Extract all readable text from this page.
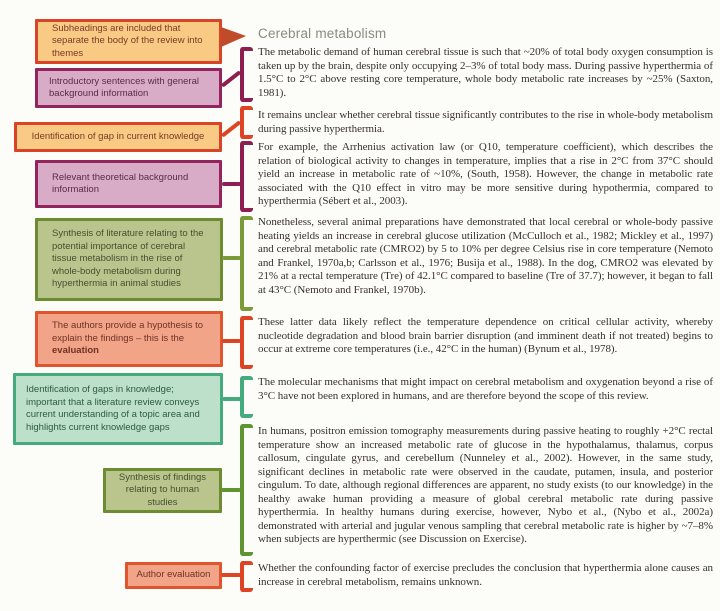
Subheadings are included that separate the body of the review into themes
Introductory sentences with general background information
Identification of gap in current knowledge
Relevant theoretical background information
Synthesis of literature relating to the potential importance of cerebral tissue metabolism in the rise of whole-body metabolism during hyperthermia in animal studies
The authors provide a hypothesis to explain the findings – this is the evaluation
Identification of gaps in knowledge; important that a literature review conveys current understanding of a topic area and highlights current knowledge gaps
Synthesis of findings relating to human studies
Author evaluation
Cerebral metabolism

The metabolic demand of human cerebral tissue is such that ~20% of total body oxygen consumption is taken up by the brain, despite only occupying 2–3% of total body mass. During passive hyperthermia of 1.5°C to 2°C above resting core temperature, whole body metabolic rate increases by ~25% (Saxton, 1981).

It remains unclear whether cerebral tissue significantly contributes to the rise in whole-body metabolism during passive hyperthermia.

For example, the Arrhenius activation law (or Q10, temperature coefficient), which describes the relation of biological activity to changes in temperature, implies that a rise in 2°C from 37°C should yield an increase in metabolic rate of ~10%, (South, 1958). However, the change in metabolic rate associated with the Q10 effect in vitro may be more sensitive during hypothermia, compared to hyperthermia (Sébert et al., 2003).

Nonetheless, several animal preparations have demonstrated that local cerebral or whole-body passive heating yields an increase in cerebral glucose utilization (McCulloch et al., 1982; Mickley et al., 1997) and cerebral metabolic rate (CMRO2) by 5 to 10% per degree Celsius rise in core temperature (Nemoto and Frankel, 1970a,b; Carlsson et al., 1976; Busija et al., 1988). In the dog, CMRO2 was elevated by 21% at a rectal temperature (Tre) of 42.1°C compared to baseline (Tre of 37.7); however, it began to fall at 43°C (Nemoto and Frankel, 1970b).

These latter data likely reflect the temperature dependence on critical cellular activity, whereby nucleotide degradation and blood brain barrier disruption (and imminent death if not treated) begins to occur at extreme core temperatures (i.e., 42°C in the human) (Bynum et al., 1978).

The molecular mechanisms that might impact on cerebral metabolism and oxygenation beyond a rise of 3°C have not been explored in humans, and are therefore beyond the scope of this review.

In humans, positron emission tomography measurements during passive heating to roughly +2°C rectal temperature show an increased metabolic rate of glucose in the hypothalamus, thalamus, corpus callosum, cingulate gyrus, and cerebellum (Nunneley et al., 2002). However, in the same study, significant declines in metabolic rate were observed in the caudate, putamen, insula, and posterior cingulum. To date, although regional differences are apparent, no study exists (to our knowledge) in the healthy awake human providing a measure of global cerebral metabolic rate during passive hyperthermia. In healthy humans during exercise, however, Nybo et al., (Nybo et al., 2002a) demonstrated with arterial and jugular venous sampling that cerebral metabolic rate is higher by ~7–8% when subjects are hyperthermic (see Discussion on Exercise).

Whether the confounding factor of exercise precludes the conclusion that hyperthermia alone causes an increase in cerebral metabolism, remains unknown.
